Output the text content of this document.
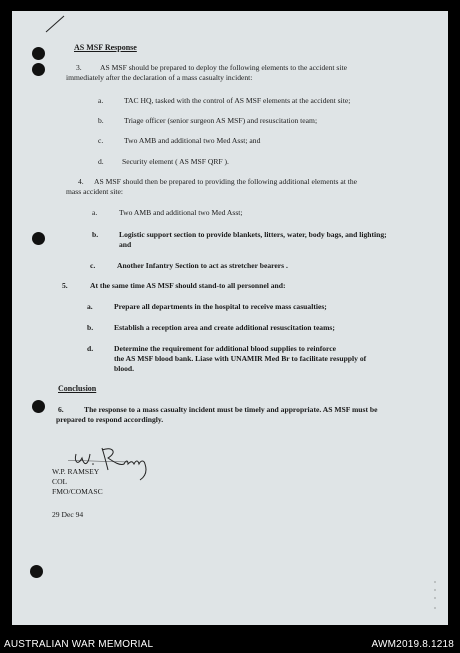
AS MSF Response
3. AS MSF should be prepared to deploy the following elements to the accident site
immediately after the declaration of a mass casualty incident:
a.	TAC HQ, tasked with the control of AS MSF elements at the accident site;
b.	Triage officer (senior surgeon AS MSF) and resuscitation team;
c.	Two AMB and additional two Med Asst; and
d. Security element ( AS MSF QRF ).
4. AS MSF should then be prepared to providing the following additional elements at the
mass accident site:
a.	Two AMB and additional two Med Asst;
b.	Logistic support section to provide blankets, litters, water, body bags, and lighting;
and
c.	Another Infantry Section to act as stretcher bearers .
5.	At the same time AS MSF should stand-to all personnel and:
a.	Prepare all departments in the hospital to receive mass casualties;
b.	Establish a reception area and create additional resuscitation teams;
d.	Determine the requirement for additional blood supplies to reinforce
the AS MSF blood bank. Liase with UNAMIR Med Br to facilitate resupply of
blood.
Conclusion
6.	The response to a mass casualty incident must be timely and appropriate. AS MSF must be
prepared to respond accordingly.
W.P. RAMSEY
COL
FMO/COMASC
29 Dec 94
AUSTRALIAN WAR MEMORIAL	AWM2019.8.1218
